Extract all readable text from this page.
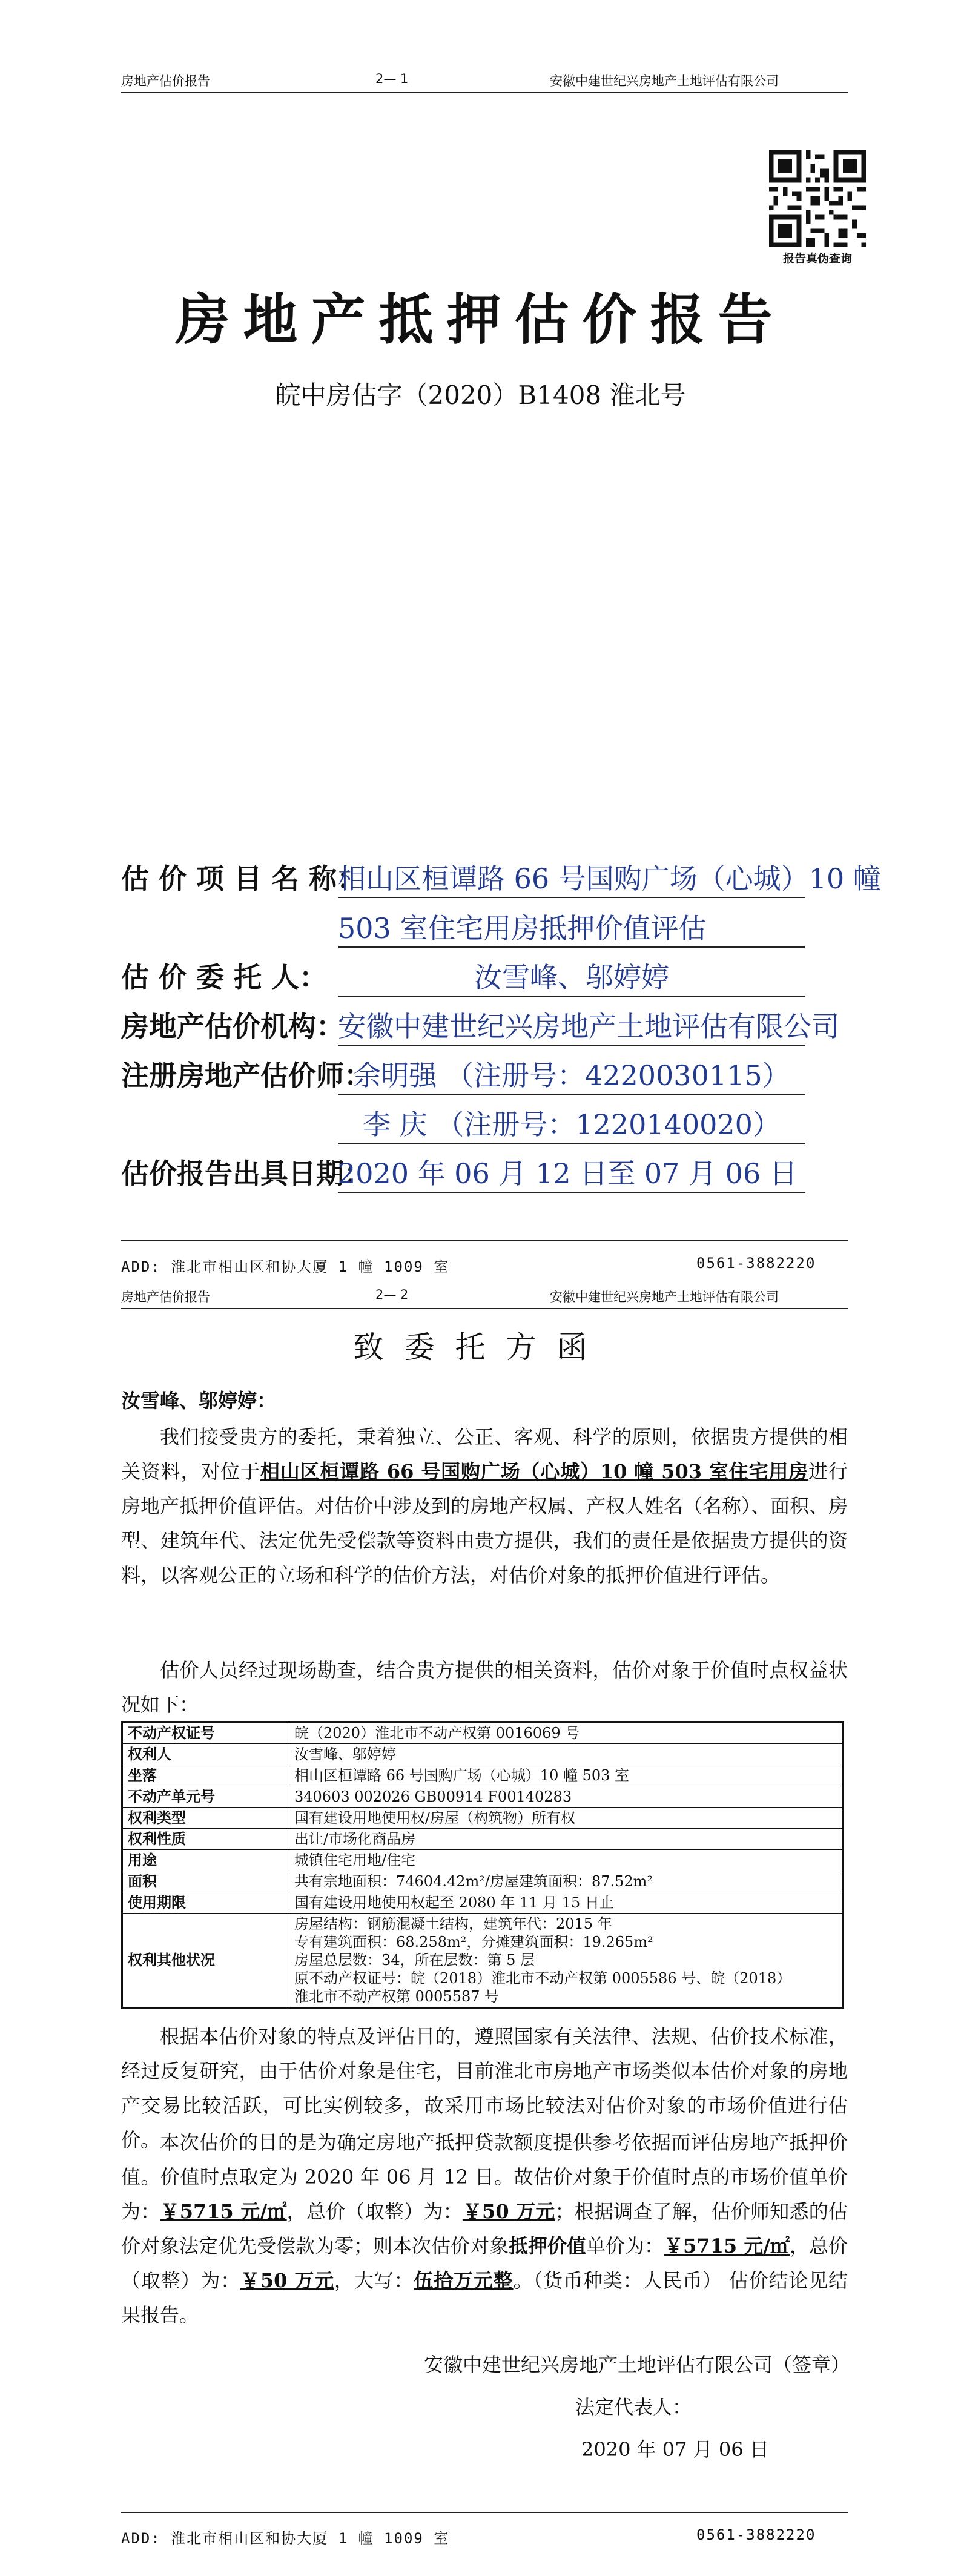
房地产估价报告	2— 1	安徽中建世纪兴房地产土地评估有限公司
报告真伪查询
房地产抵押估价报告
皖中房估字（2020）B1408 淮北号
估 价 项 目 名 称：相山区桓谭路 66 号国购广场（心城）10 幢
503 室住宅用房抵押价值评估
估 价 委 托 人：	汝雪峰、邬婷婷
房地产估价机构：安徽中建世纪兴房地产土地评估有限公司
注册房地产估价师：余明强 （注册号：4220030115）
李 庆 （注册号：1220140020）
估价报告出具日期：2020 年 06 月 12 日至 07 月 06 日
ADD: 淮北市相山区和协大厦 1 幢 1009 室	0561-3882220
房地产估价报告	2— 2	安徽中建世纪兴房地产土地评估有限公司
致委托方函
汝雪峰、邬婷婷：
我们接受贵方的委托，秉着独立、公正、客观、科学的原则，依据贵方提供的相关资料，对位于相山区桓谭路 66 号国购广场（心城）10 幢 503 室住宅用房进行房地产抵押价值评估。对估价中涉及到的房地产权属、产权人姓名（名称）、面积、房型、建筑年代、法定优先受偿款等资料由贵方提供，我们的责任是依据贵方提供的资料，以客观公正的立场和科学的估价方法，对估价对象的抵押价值进行评估。
估价人员经过现场勘查，结合贵方提供的相关资料，估价对象于价值时点权益状况如下：
不动产权证号	皖（2020）淮北市不动产权第 0016069 号

权利人	汝雪峰、邬婷婷

坐落	相山区桓谭路 66 号国购广场（心城）10 幢 503 室

不动产单元号	340603 002026 GB00914 F00140283

权利类型	国有建设用地使用权/房屋（构筑物）所有权

权利性质	出让/市场化商品房

用途	城镇住宅用地/住宅

面积	共有宗地面积：74604.42m²/房屋建筑面积：87.52m²

使用期限	国有建设用地使用权起至 2080 年 11 月 15 日止

权利其他状况	房屋结构：钢筋混凝土结构，建筑年代：2015 年
专有建筑面积：68.258m²，分摊建筑面积：19.265m²
房屋总层数：34，所在层数：第 5 层
原不动产权证号：皖（2018）淮北市不动产权第 0005586 号、皖（2018）
淮北市不动产权第 0005587 号
根据本估价对象的特点及评估目的，遵照国家有关法律、法规、估价技术标准，经过反复研究，由于估价对象是住宅，目前淮北市房地产市场类似本估价对象的房地产交易比较活跃，可比实例较多，故采用市场比较法对估价对象的市场价值进行估价。 本次估价的目的是为确定房地产抵押贷款额度提供参考依据而评估房地产抵押价值。价值时点取定为 2020 年 06 月 12 日。故估价对象于价值时点的市场价值单价为：￥5715 元/㎡，总价（取整）为：￥50 万元；根据调查了解，估价师知悉的估价对象法定优先受偿款为零；则本次估价对象抵押价值单价为：￥5715 元/㎡，总价（取整）为：￥50 万元，大写：伍拾万元整。（货币种类：人民币） 估价结论见结果报告。
安徽中建世纪兴房地产土地评估有限公司（签章）
法定代表人：
2020 年 07 月 06 日
ADD: 淮北市相山区和协大厦 1 幢 1009 室	0561-3882220
